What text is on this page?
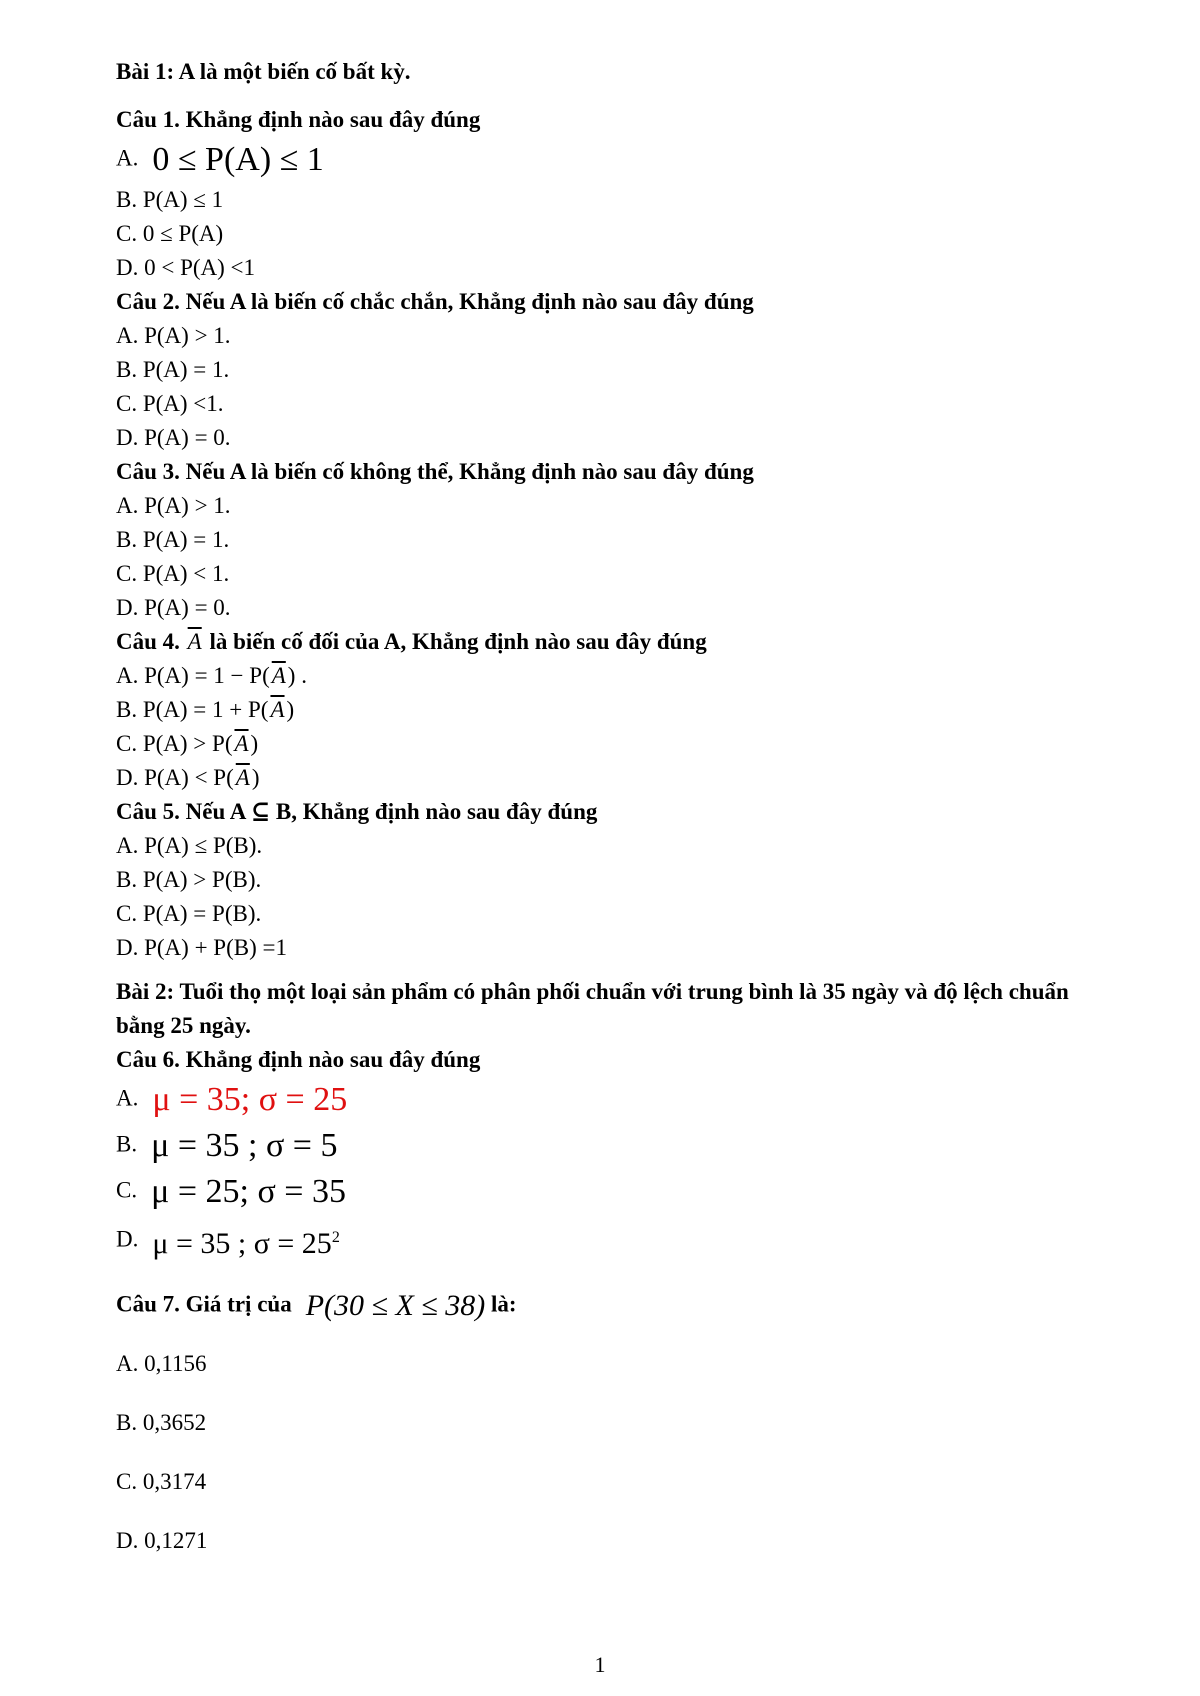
Bài 1: A là một biến cố bất kỳ.
Câu 1. Khẳng định nào sau đây đúng
A. 0 ≤ P(A) ≤ 1
B. P(A) ≤ 1
C. 0 ≤ P(A)
D. 0 < P(A) <1
Câu 2. Nếu A là biến cố chắc chắn, Khẳng định nào sau đây đúng
A. P(A) > 1.
B. P(A) = 1.
C. P(A) <1.
D. P(A) = 0.
Câu 3. Nếu A là biến cố không thể, Khẳng định nào sau đây đúng
A. P(A) > 1.
B. P(A) = 1.
C. P(A) < 1.
D. P(A) = 0.
Câu 4. $\overline{A}$ là biến cố đối của A, Khẳng định nào sau đây đúng
A. $P(A) = 1 - P(\overline{A})$ .
B. $P(A) = 1 + P(\overline{A})$
C. $P(A) > P(\overline{A})$
D. $P(A) < P(\overline{A})$
Câu 5. Nếu A ⊆ B, Khẳng định nào sau đây đúng
A. P(A) ≤ P(B).
B. P(A) > P(B).
C. P(A) = P(B).
D. P(A) + P(B) =1
Bài 2: Tuổi thọ một loại sản phẩm có phân phối chuẩn với trung bình là 35 ngày và độ lệch chuẩn bằng 25 ngày.
Câu 6. Khẳng định nào sau đây đúng
A. μ = 35; σ = 25
B. μ = 35 ; σ = 5
C. μ = 25; σ = 35
D. μ = 35 ; $\sigma = 25^2$
Câu 7. Giá trị của P(30 ≤ X ≤ 38) là:
A. 0,1156
B. 0,3652
C. 0,3174
D. 0,1271
1
